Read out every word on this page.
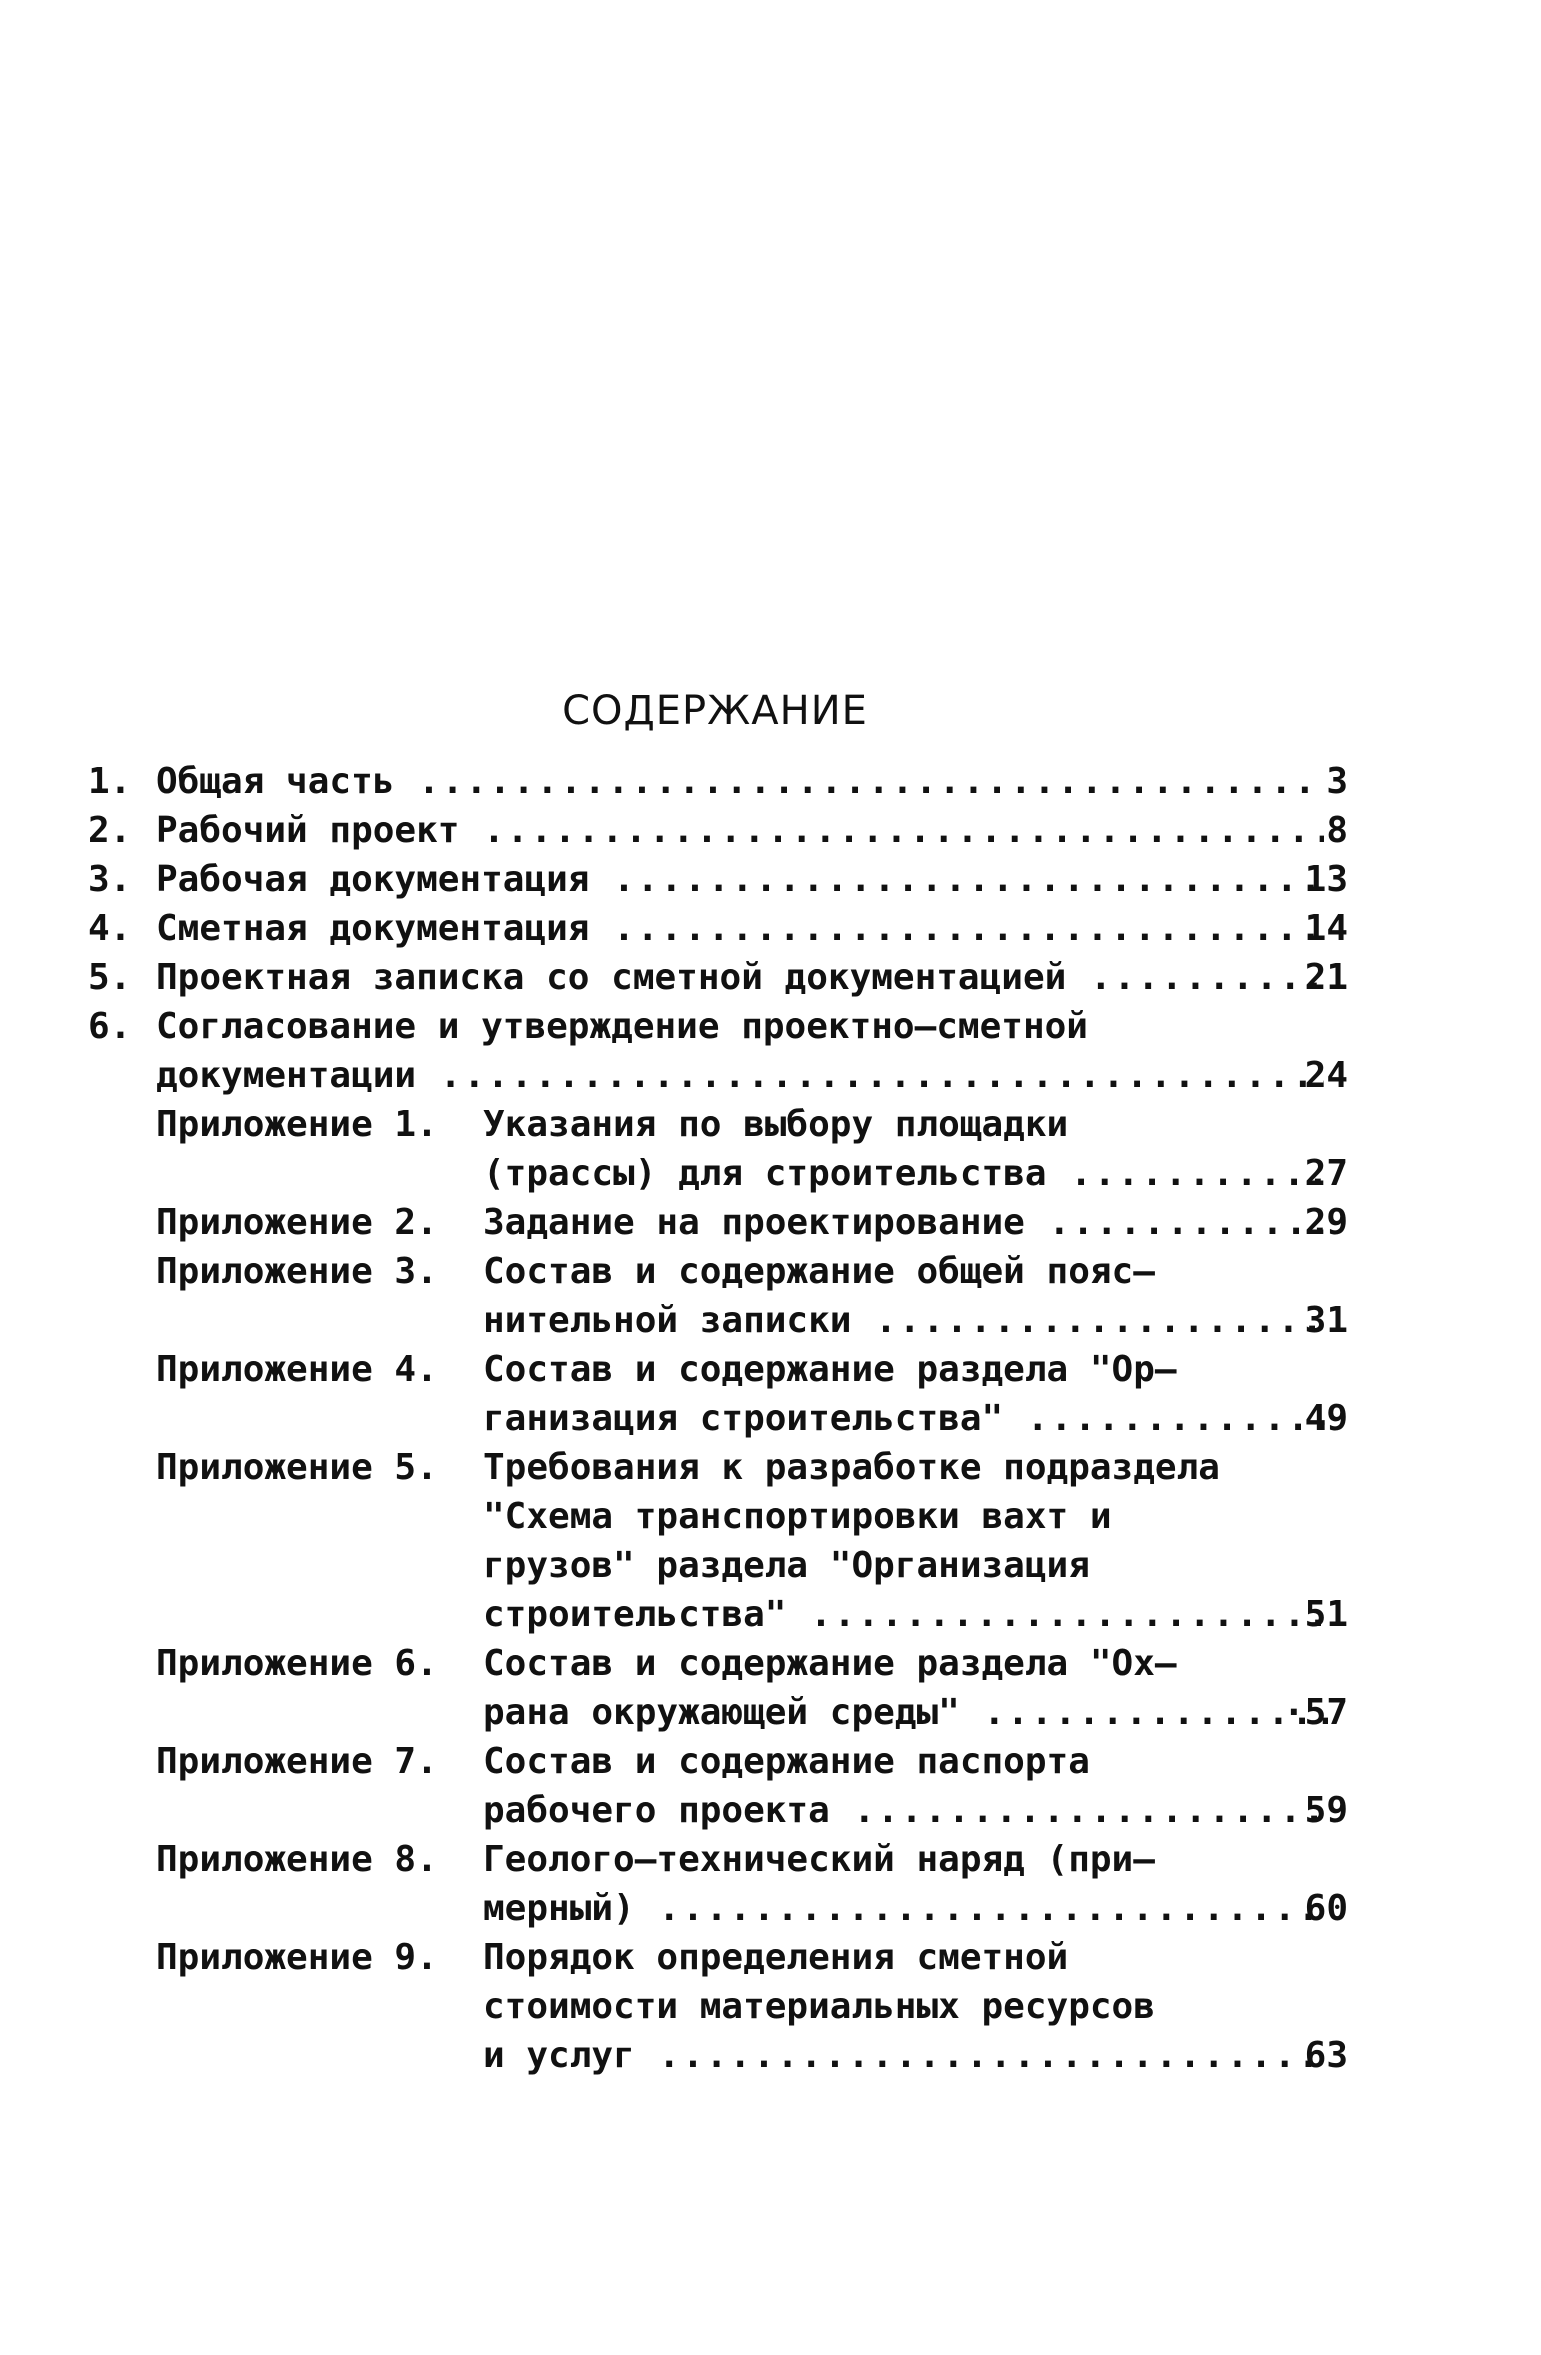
СОДЕРЖАНИЕ
1. Общая часть .....	3
2. Рабочий проект .....	8
3. Рабочая документация .....	13
4. Сметная документация .....	14
5. Проектная записка со сметной документацией .....	21
6. Согласование и утверждение проектно–сметной
документации .....	24
Приложение 1.	Указания по выбору площадки
(трассы) для строительства .....	27
Приложение 2.	Задание на проектирование .....	29
Приложение 3.	Состав и содержание общей пояс–
нительной записки .....	31
Приложение 4.	Состав и содержание раздела "Ор–
ганизация строительства" .....	49
Приложение 5.	Требования к разработке подраздела
"Схема транспортировки вахт и
грузов" раздела "Организация
строительства" .....	51
Приложение 6.	Состав и содержание раздела "Ох–
рана окружающей среды" .....	·57
Приложение 7.	Состав и содержание паспорта
рабочего проекта .....	59
Приложение 8.	Геолого–технический наряд (при–
мерный) .....	60
Приложение 9.	Порядок определения сметной
стоимости материальных ресурсов
и услуг .....	63
